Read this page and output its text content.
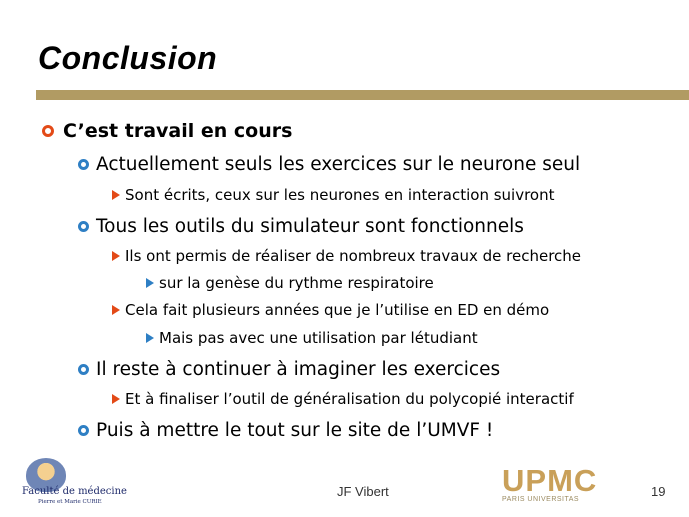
Conclusion
C’est travail en cours
Actuellement seuls les exercices sur le neurone seul
Sont écrits, ceux sur les neurones en interaction suivront
Tous les outils du simulateur sont fonctionnels
Ils ont permis de réaliser de nombreux travaux de recherche
sur la genèse du rythme respiratoire
Cela fait plusieurs années que je l’utilise en ED en démo
Mais pas avec une utilisation par létudiant
Il reste à continuer à imaginer les exercices
Et à finaliser l’outil de généralisation du polycopié interactif
Puis à mettre le tout sur le site de l’UMVF !
Faculté de médecine
Pierre et Marie CURIE
JF Vibert	UPMC
PARIS UNIVERSITAS
19
